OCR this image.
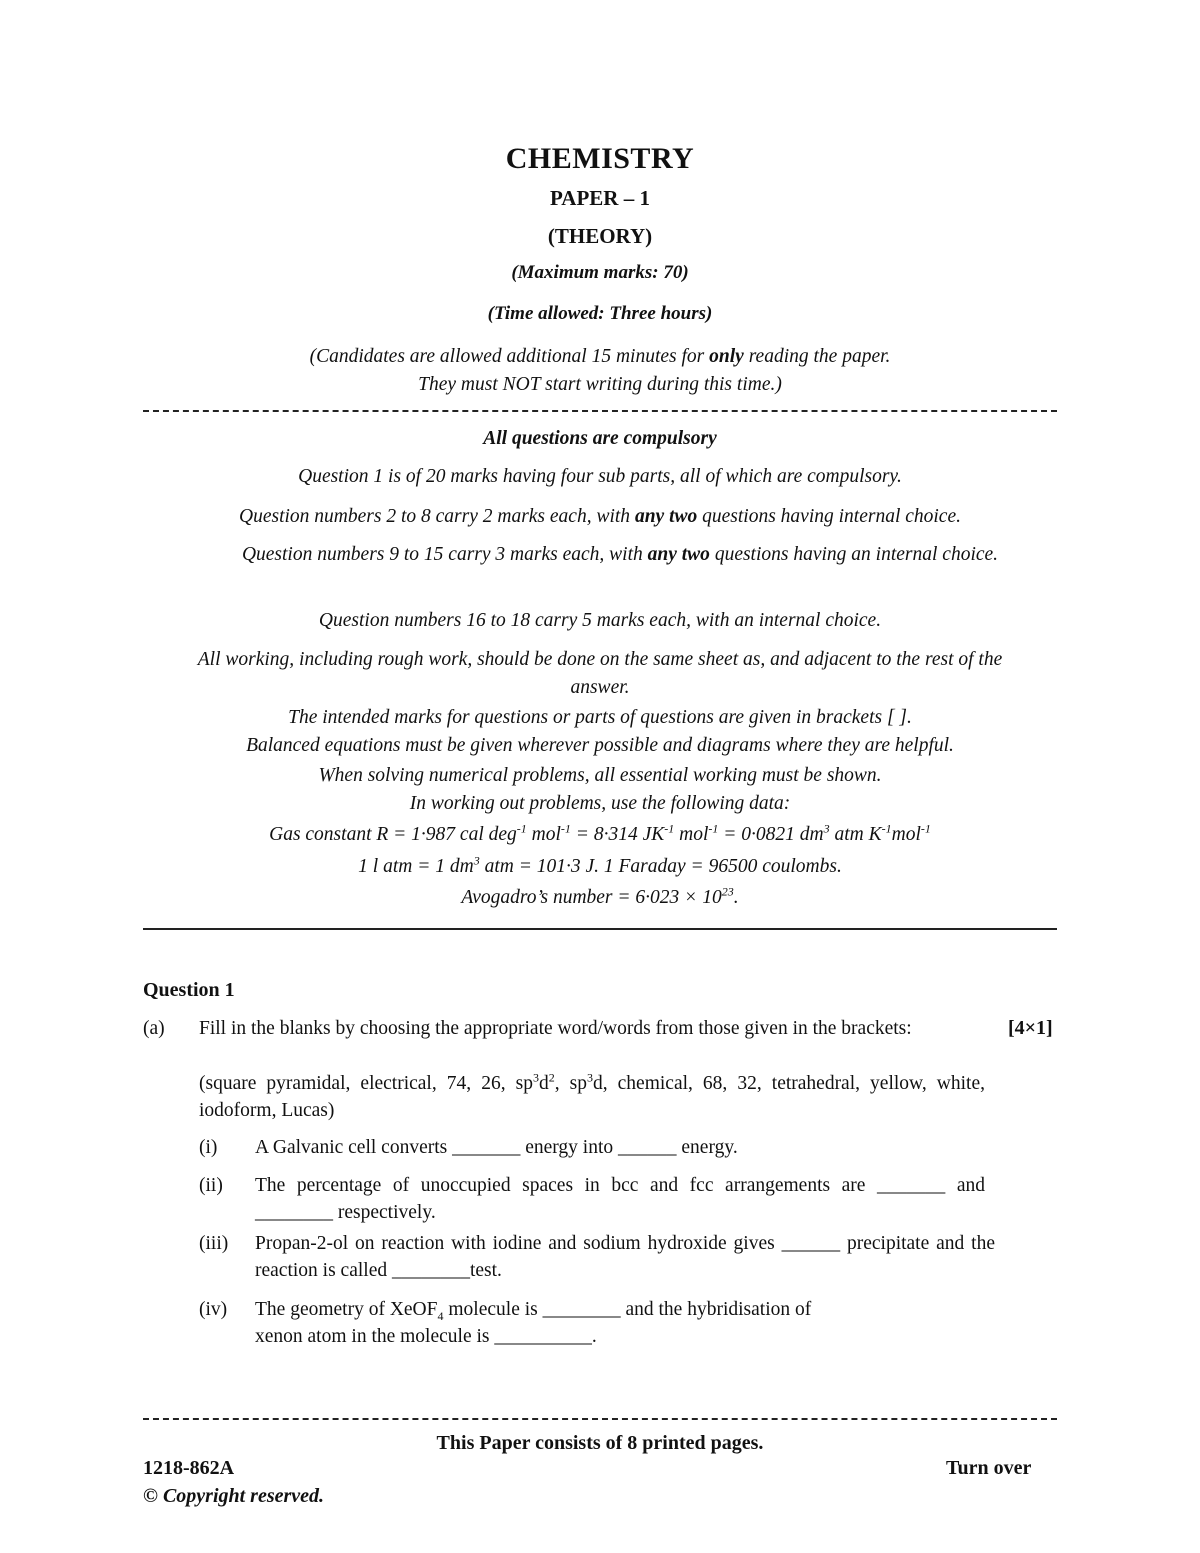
CHEMISTRY
PAPER – 1
(THEORY)
(Maximum marks: 70)
(Time allowed: Three hours)
(Candidates are allowed additional 15 minutes for only reading the paper.
They must NOT start writing during this time.)
All questions are compulsory
Question 1 is of 20 marks having four sub parts, all of which are compulsory.
Question numbers 2 to 8 carry 2 marks each, with any two questions having internal choice.
Question numbers 9 to 15 carry 3 marks each, with any two questions having an internal choice.
Question numbers 16 to 18 carry 5 marks each, with an internal choice.
All working, including rough work, should be done on the same sheet as, and adjacent to the rest of the answer.
The intended marks for questions or parts of questions are given in brackets [ ].
Balanced equations must be given wherever possible and diagrams where they are helpful.
When solving numerical problems, all essential working must be shown.
In working out problems, use the following data:
Gas constant R = 1·987 cal deg$^{-1}$ mol$^{-1}$ = 8·314 $JK^{-1}$ mol$^{-1}$ = 0·0821 $dm^3$ atm $K^{-1}mol^{-1}$
1 l atm = 1 $dm^3$ atm = 101·3 J. 1 Faraday = 96500 coulombs.
Avogadro’s number = $6\cdot 023 \times 10^{23}$.
Question 1
(a) Fill in the blanks by choosing the appropriate word/words from those given in the brackets:	[4×1]
(square pyramidal, electrical, 74, 26, $sp^3d^2$, $sp^3d$, chemical, 68, 32, tetrahedral, yellow, white, iodoform, Lucas)
(i) A Galvanic cell converts _______ energy into ______ energy.
(ii) The percentage of unoccupied spaces in bcc and fcc arrangements are _______ and ________ respectively.
(iii) Propan-2-ol on reaction with iodine and sodium hydroxide gives ______ precipitate and the reaction is called ________test.
(iv) The geometry of XeOF$_4$ molecule is ________ and the hybridisation of
xenon atom in the molecule is __________.
This Paper consists of 8 printed pages.
1218-862A	Turn over
© Copyright reserved.
